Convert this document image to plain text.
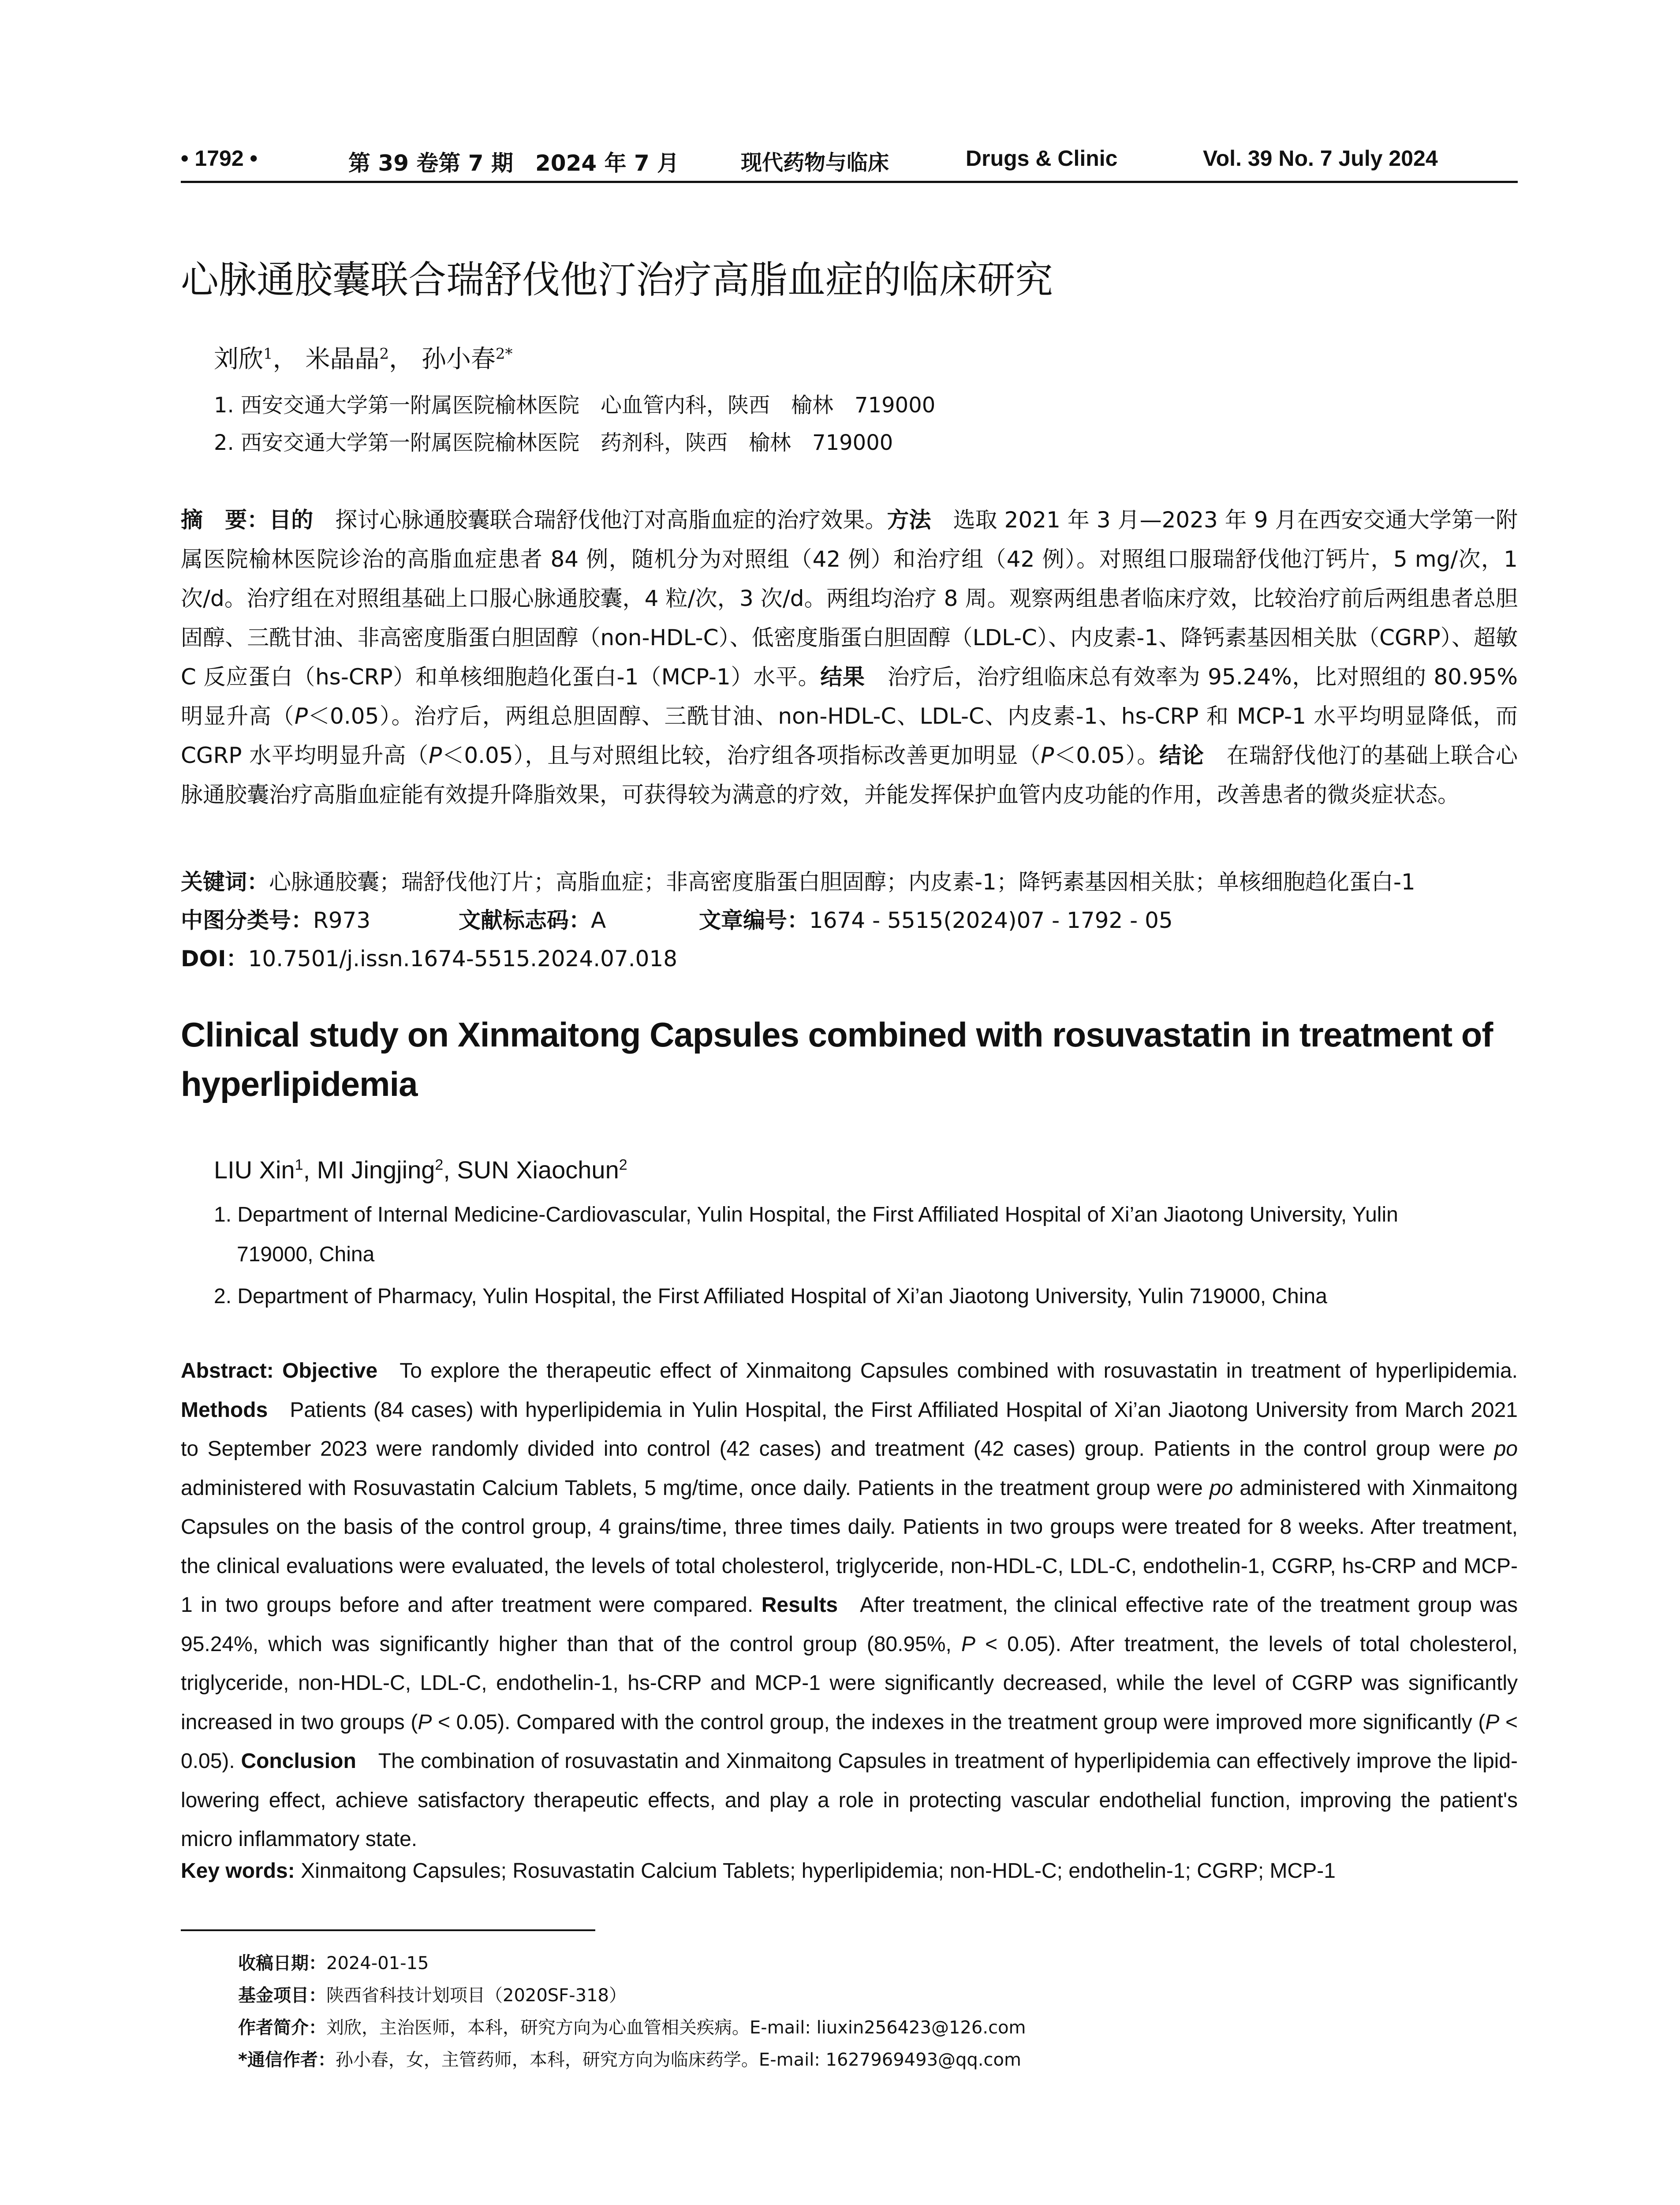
• 1792 •	第 39 卷第 7 期　2024 年 7 月	现代药物与临床	Drugs & Clinic	Vol. 39 No. 7 July 2024
心脉通胶囊联合瑞舒伐他汀治疗高脂血症的临床研究
刘欣$^1$， 米晶晶$^2$， 孙小春$^{2*}$
1. 西安交通大学第一附属医院榆林医院　心血管内科，陕西　榆林　719000
2. 西安交通大学第一附属医院榆林医院　药剂科，陕西　榆林　719000

摘　要：目的 探讨心脉通胶囊联合瑞舒伐他汀对高脂血症的治疗效果。方法 选取 2021 年 3 月—2023 年 9 月在西安交通大学第一附属医院榆林医院诊治的高脂血症患者 84 例，随机分为对照组（42 例）和治疗组（42 例）。对照组口服瑞舒伐他汀钙片，5 mg/次，1 次/d。治疗组在对照组基础上口服心脉通胶囊，4 粒/次，3 次/d。两组均治疗 8 周。观察两组患者临床疗效，比较治疗前后两组患者总胆固醇、三酰甘油、非高密度脂蛋白胆固醇（non-HDL-C）、低密度脂蛋白胆固醇（LDL-C）、内皮素-1、降钙素基因相关肽（CGRP）、超敏 C 反应蛋白（hs-CRP）和单核细胞趋化蛋白-1（MCP-1）水平。结果 治疗后，治疗组临床总有效率为 95.24%，比对照组的 80.95%明显升高（P＜0.05）。治疗后，两组总胆固醇、三酰甘油、non-HDL-C、LDL-C、内皮素-1、hs-CRP 和 MCP-1 水平均明显降低，而 CGRP 水平均明显升高（P＜0.05），且与对照组比较，治疗组各项指标改善更加明显（P＜0.05）。结论 在瑞舒伐他汀的基础上联合心脉通胶囊治疗高脂血症能有效提升降脂效果，可获得较为满意的疗效，并能发挥保护血管内皮功能的作用，改善患者的微炎症状态。

关键词：心脉通胶囊；瑞舒伐他汀片；高脂血症；非高密度脂蛋白胆固醇；内皮素-1；降钙素基因相关肽；单核细胞趋化蛋白-1
中图分类号：R973	文献标志码：A	文章编号：1674 - 5515(2024)07 - 1792 - 05
DOI：10.7501/j.issn.1674-5515.2024.07.018
Clinical study on Xinmaitong Capsules combined with rosuvastatin in treatment of hyperlipidemia
LIU Xin$^1$, MI Jingjing$^2$, SUN Xiaochun$^2$
1. Department of Internal Medicine-Cardiovascular, Yulin Hospital, the First Affiliated Hospital of Xi’an Jiaotong University, Yulin
719000, China
2. Department of Pharmacy, Yulin Hospital, the First Affiliated Hospital of Xi’an Jiaotong University, Yulin 719000, China
Abstract: Objective To explore the therapeutic effect of Xinmaitong Capsules combined with rosuvastatin in treatment of hyperlipidemia. Methods Patients (84 cases) with hyperlipidemia in Yulin Hospital, the First Affiliated Hospital of Xi’an Jiaotong University from March 2021 to September 2023 were randomly divided into control (42 cases) and treatment (42 cases) group. Patients in the control group were po administered with Rosuvastatin Calcium Tablets, 5 mg/time, once daily. Patients in the treatment group were po administered with Xinmaitong Capsules on the basis of the control group, 4 grains/time, three times daily. Patients in two groups were treated for 8 weeks. After treatment, the clinical evaluations were evaluated, the levels of total cholesterol, triglyceride, non-HDL-C, LDL-C, endothelin-1, CGRP, hs-CRP and MCP-1 in two groups before and after treatment were compared. Results After treatment, the clinical effective rate of the treatment group was 95.24%, which was significantly higher than that of the control group (80.95%, P < 0.05). After treatment, the levels of total cholesterol, triglyceride, non-HDL-C, LDL-C, endothelin-1, hs-CRP and MCP-1 were significantly decreased, while the level of CGRP was significantly increased in two groups (P < 0.05). Compared with the control group, the indexes in the treatment group were improved more significantly (P < 0.05). Conclusion The combination of rosuvastatin and Xinmaitong Capsules in treatment of hyperlipidemia can effectively improve the lipid-lowering effect, achieve satisfactory therapeutic effects, and play a role in protecting vascular endothelial function, improving the patient's micro inflammatory state.
Key words: Xinmaitong Capsules; Rosuvastatin Calcium Tablets; hyperlipidemia; non-HDL-C; endothelin-1; CGRP; MCP-1
收稿日期：2024-01-15
基金项目：陕西省科技计划项目（2020SF-318）
作者简介：刘欣，主治医师，本科，研究方向为心血管相关疾病。E-mail: liuxin256423@126.com
*通信作者：孙小春，女，主管药师，本科，研究方向为临床药学。E-mail: 1627969493@qq.com
